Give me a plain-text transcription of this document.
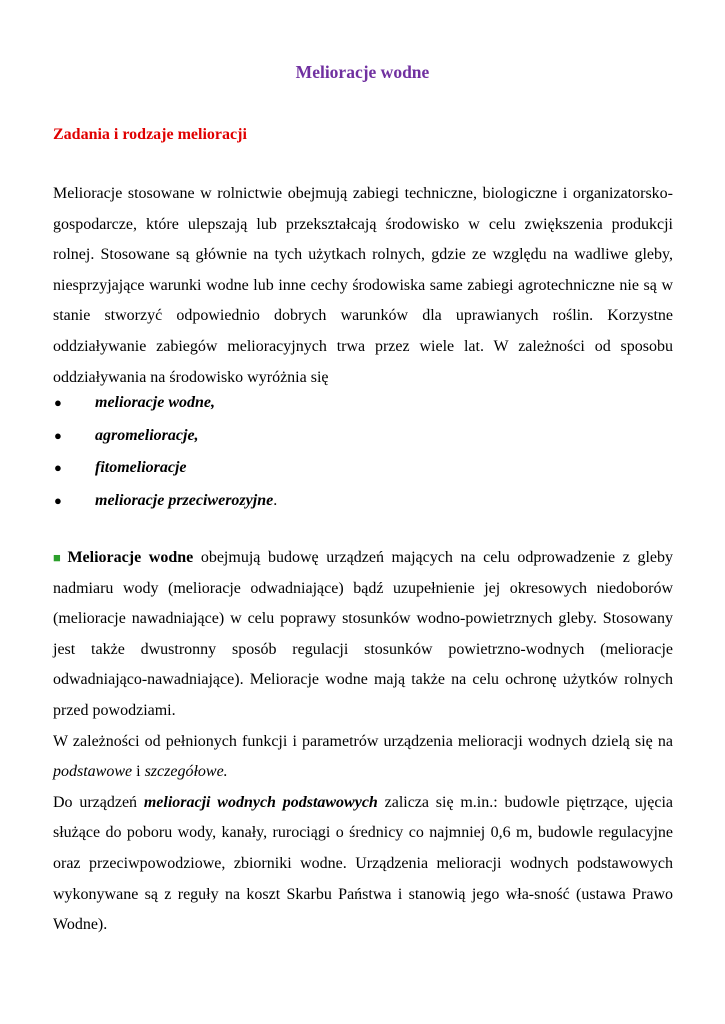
Melioracje wodne
Zadania i rodzaje melioracji

Melioracje stosowane w rolnictwie obejmują zabiegi techniczne, biologiczne i organizatorsko-gospodarcze, które ulepszają lub przekształcają środowisko w celu zwiększenia produkcji rolnej. Stosowane są głównie na tych użytkach rolnych, gdzie ze względu na wadliwe gleby, niesprzyjające warunki wodne lub inne cechy środowiska same zabiegi agrotechniczne nie są w stanie stworzyć odpowiednio dobrych warunków dla uprawianych roślin. Korzystne oddziaływanie zabiegów melioracyjnych trwa przez wiele lat. W zależności od sposobu oddziaływania na środowisko wyróżnia się

● melioracje wodne,
● agromelioracje,
● fitomelioracje
● melioracje przeciwerozyjne.

■ Melioracje wodne obejmują budowę urządzeń mających na celu odprowadzenie z gleby nadmiaru wody (melioracje odwadniające) bądź uzupełnienie jej okresowych niedoborów (melioracje nawadniające) w celu poprawy stosunków wodno-powietrznych gleby. Stosowany jest także dwustronny sposób regulacji stosunków powietrzno-wodnych (melioracje odwadniająco-nawadniające). Melioracje wodne mają także na celu ochronę użytków rolnych przed powodziami.

W zależności od pełnionych funkcji i parametrów urządzenia melioracji wodnych dzielą się na podstawowe i szczegółowe.

Do urządzeń melioracji wodnych podstawowych zalicza się m.in.: budowle piętrzące, ujęcia służące do poboru wody, kanały, rurociągi o średnicy co najmniej 0,6 m, budowle regulacyjne oraz przeciwpowodziowe, zbiorniki wodne. Urządzenia melioracji wodnych podstawowych wykonywane są z reguły na koszt Skarbu Państwa i stanowią jego wła-sność (ustawa Prawo Wodne).
